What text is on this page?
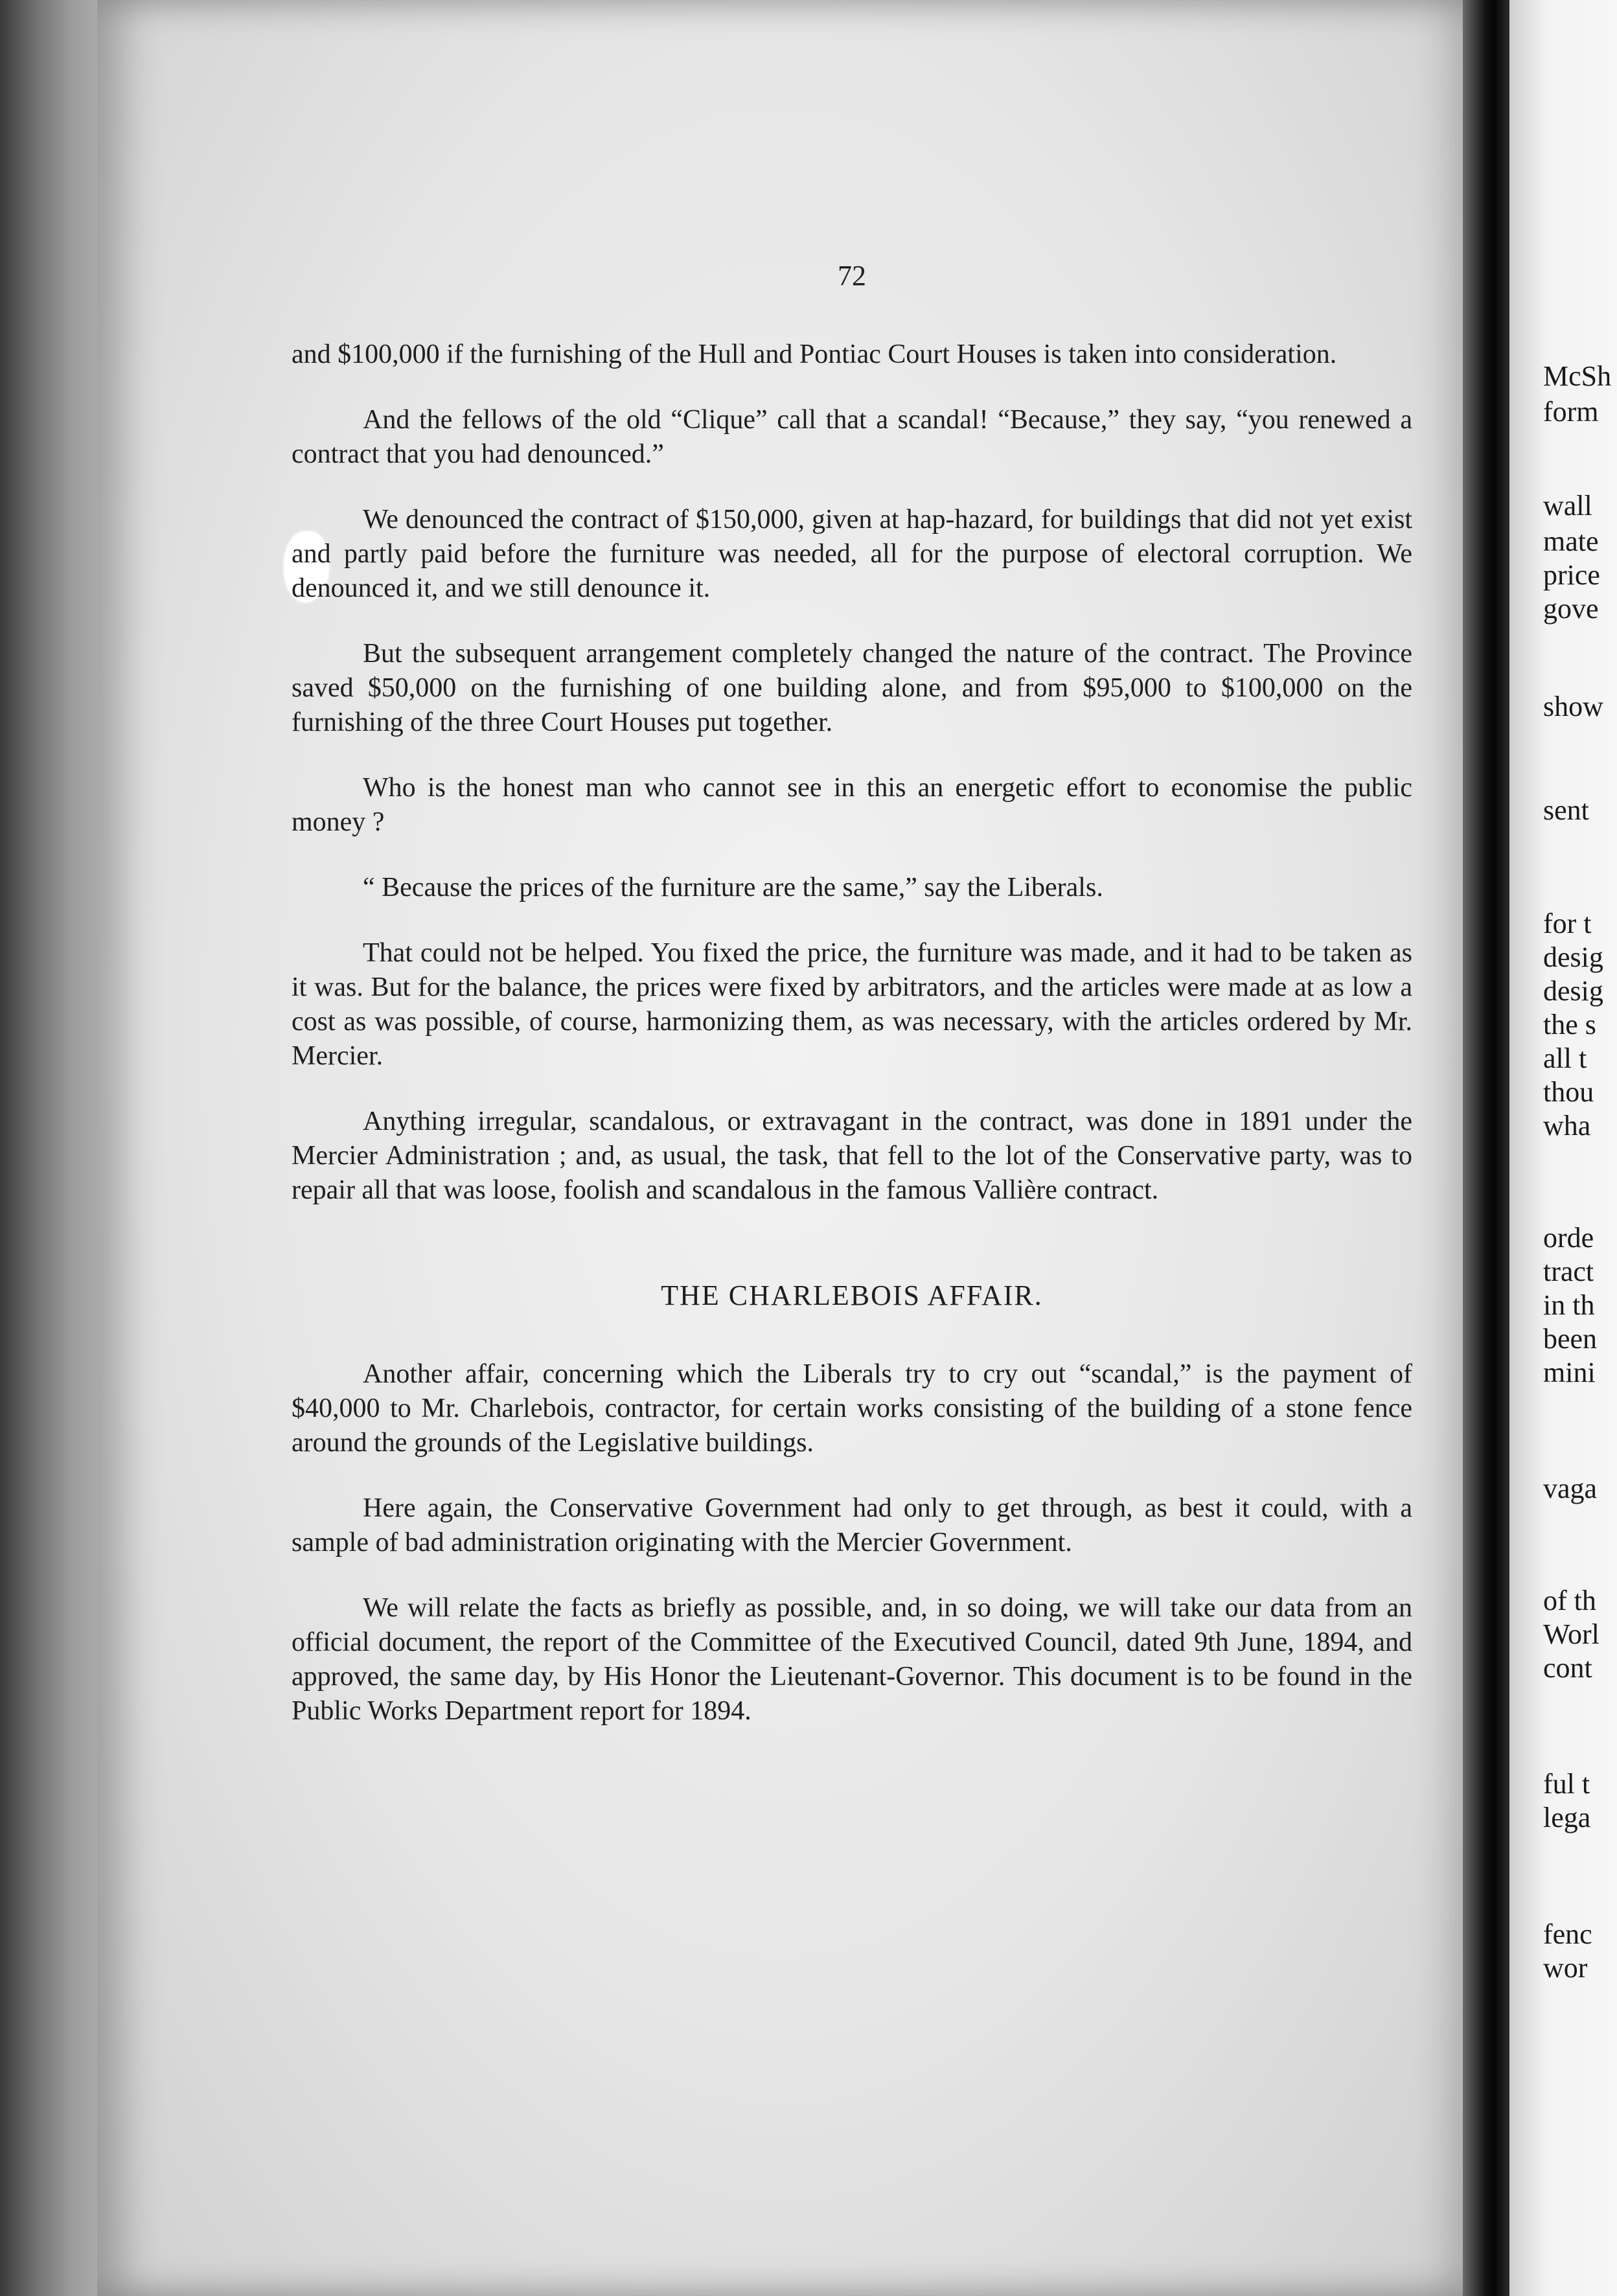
72

and $100,000 if the furnishing of the Hull and Pontiac Court Houses is taken into consideration.

And the fellows of the old “Clique” call that a scandal! “Because,” they say, “you renewed a contract that you had denounced.”

We denounced the contract of $150,000, given at hap-hazard, for buildings that did not yet exist and partly paid before the furniture was needed, all for the purpose of electoral corruption. We denounced it, and we still denounce it.

But the subsequent arrangement completely changed the nature of the contract. The Province saved $50,000 on the furnishing of one building alone, and from $95,000 to $100,000 on the furnishing of the three Court Houses put together.

Who is the honest man who cannot see in this an energetic effort to economise the public money ?

“ Because the prices of the furniture are the same,” say the Liberals.

That could not be helped. You fixed the price, the furniture was made, and it had to be taken as it was. But for the balance, the prices were fixed by arbitrators, and the articles were made at as low a cost as was possible, of course, harmonizing them, as was necessary, with the articles ordered by Mr. Mercier.

Anything irregular, scandalous, or extravagant in the contract, was done in 1891 under the Mercier Administration ; and, as usual, the task, that fell to the lot of the Conservative party, was to repair all that was loose, foolish and scandalous in the famous Vallière contract.

THE CHARLEBOIS AFFAIR.

Another affair, concerning which the Liberals try to cry out “scandal,” is the payment of $40,000 to Mr. Charlebois, contractor, for certain works consisting of the building of a stone fence around the grounds of the Legislative buildings.

Here again, the Conservative Government had only to get through, as best it could, with a sample of bad administration originating with the Mercier Government.

We will relate the facts as briefly as possible, and, in so doing, we will take our data from an official document, the report of the Committee of the Executived Council, dated 9th June, 1894, and approved, the same day, by His Honor the Lieutenant-Governor. This document is to be found in the Public Works Department report for 1894.

McSh
form
wall
mate
price
gove
show
sent
for t
desig
desig
the s
all t
thou
wha
orde
tract
in th
been
mini
vaga
of th
Worl
cont
ful t
lega
fenc
wor
